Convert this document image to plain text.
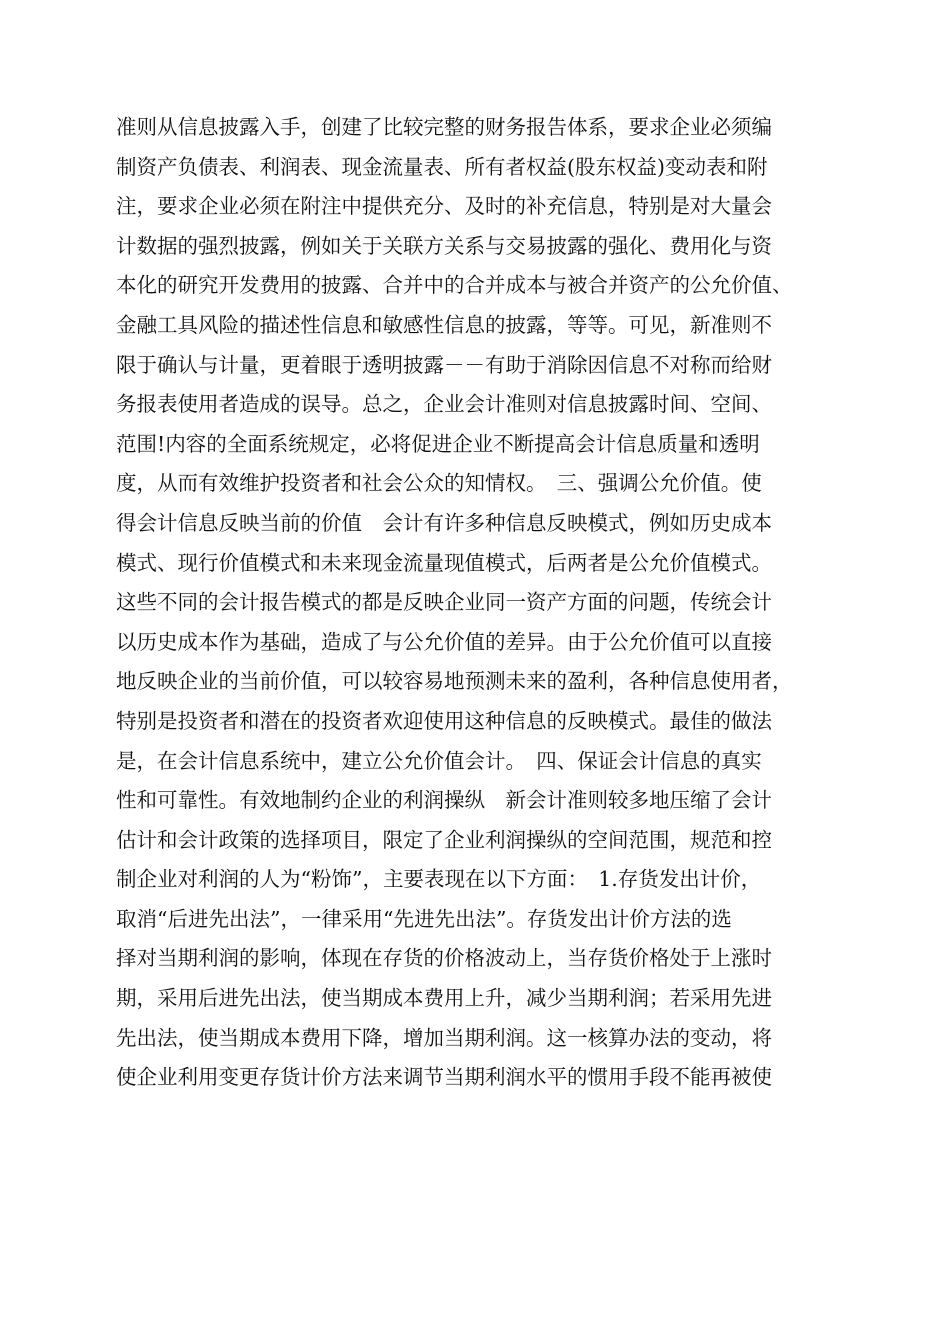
准则从信息披露入手，创建了比较完整的财务报告体系，要求企业必须编
制资产负债表、利润表、现金流量表、所有者权益(股东权益)变动表和附
注，要求企业必须在附注中提供充分、及时的补充信息，特别是对大量会
计数据的强烈披露，例如关于关联方关系与交易披露的强化、费用化与资
本化的研究开发费用的披露、合并中的合并成本与被合并资产的公允价值、
金融工具风险的描述性信息和敏感性信息的披露，等等。可见，新准则不
限于确认与计量，更着眼于透明披露－－有助于消除因信息不对称而给财
务报表使用者造成的误导。总之，企业会计准则对信息披露时间、空间、
范围!内容的全面系统规定，必将促进企业不断提高会计信息质量和透明
度，从而有效维护投资者和社会公众的知情权。　三、强调公允价值。使
得会计信息反映当前的价值　会计有许多种信息反映模式，例如历史成本
模式、现行价值模式和未来现金流量现值模式，后两者是公允价值模式。
这些不同的会计报告模式的都是反映企业同一资产方面的问题，传统会计
以历史成本作为基础，造成了与公允价值的差异。由于公允价值可以直接
地反映企业的当前价值，可以较容易地预测未来的盈利，各种信息使用者，
特别是投资者和潜在的投资者欢迎使用这种信息的反映模式。最佳的做法
是，在会计信息系统中，建立公允价值会计。　四、保证会计信息的真实
性和可靠性。有效地制约企业的利润操纵　新会计准则较多地压缩了会计
估计和会计政策的选择项目，限定了企业利润操纵的空间范围，规范和控
制企业对利润的人为“粉饰”，主要表现在以下方面：　1.存货发出计价，
取消“后进先出法”，一律采用“先进先出法”。存货发出计价方法的选
择对当期利润的影响，体现在存货的价格波动上，当存货价格处于上涨时
期，采用后进先出法，使当期成本费用上升，减少当期利润；若采用先进
先出法，使当期成本费用下降，增加当期利润。这一核算办法的变动，将
使企业利用变更存货计价方法来调节当期利润水平的惯用手段不能再被使
